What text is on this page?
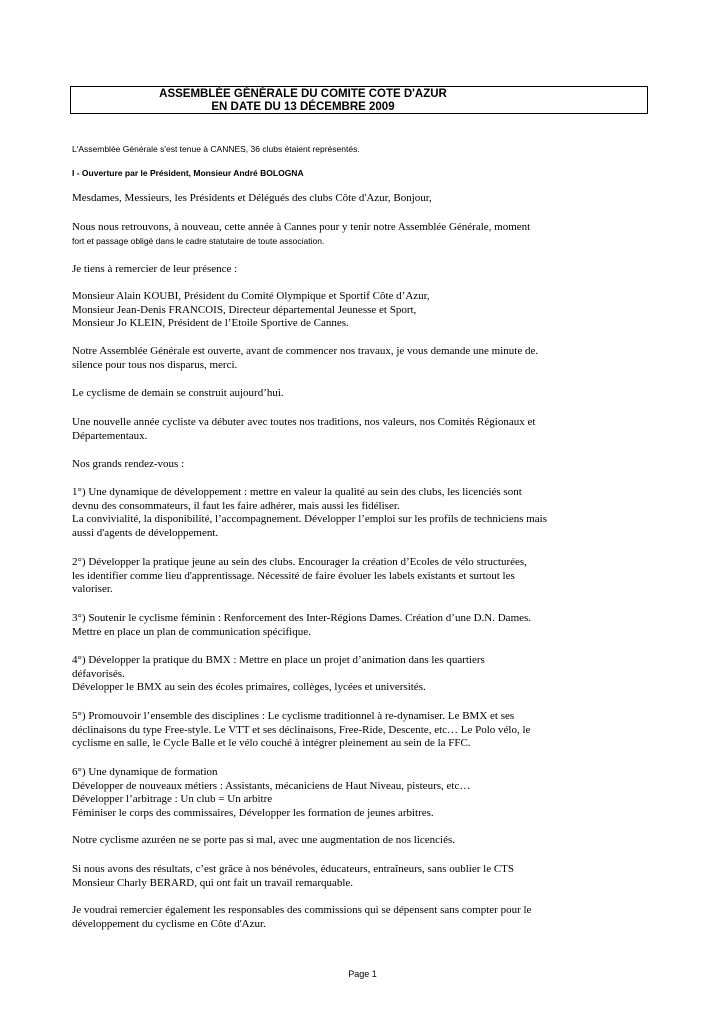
ASSEMBLÉE GÉNÉRALE DU COMITE COTE D'AZUR
EN DATE DU 13 DÉCEMBRE 2009

L'Assemblée Générale s'est tenue à CANNES, 36 clubs étaient représentés.

I - Ouverture par le Président, Monsieur André BOLOGNA

Mesdames, Messieurs, les Présidents et Délégués des clubs Côte d'Azur, Bonjour,

Nous nous retrouvons, à nouveau, cette année à Cannes pour y tenir notre Assemblée Générale, moment
fort et passage obligé dans le cadre statutaire de toute association.

Je tiens à remercier de leur présence :

Monsieur Alain KOUBI, Président du Comité Olympique et Sportif Côte d’Azur,
Monsieur Jean-Denis FRANCOIS, Directeur départemental Jeunesse et Sport,
Monsieur Jo KLEIN, Président de l’Etoile Sportive de Cannes.

Notre Assemblée Générale est ouverte, avant de commencer nos travaux, je vous demande une minute de.
silence pour tous nos disparus, merci.

Le cyclisme de demain se construit aujourd’hui.

Une nouvelle année cycliste va débuter avec toutes nos traditions, nos valeurs, nos Comités Régionaux et
Départementaux.

Nos grands rendez-vous :

1°) Une dynamique de développement : mettre en valeur la qualité au sein des clubs, les licenciés sont
devnu des consommateurs, il faut les faire adhérer, mais aussi les fidéliser.
La convivialité, la disponibilité, l’accompagnement. Développer l’emploi sur les profils de techniciens mais
aussi d'agents de développement.

2°) Développer la pratique jeune au sein des clubs. Encourager la création d’Ecoles de vélo structurées,
les identifier comme lieu d'apprentissage. Nécessité de faire évoluer les labels existants et surtout les
valoriser.

3°) Soutenir le cyclisme féminin : Renforcement des Inter-Régions Dames. Création d’une D.N. Dames.
Mettre en place un plan de communication spécifique.

4°) Développer la pratique du BMX : Mettre en place un projet d’animation dans les quartiers
défavorisés.
Développer le BMX au sein des écoles primaires, collèges, lycées et universités.

5°) Promouvoir l’ensemble des disciplines : Le cyclisme traditionnel à re-dynamiser. Le BMX et ses
déclinaisons du type Free-style. Le VTT et ses déclinaisons, Free-Ride, Descente, etc… Le Polo vélo, le
cyclisme en salle, le Cycle Balle et le vélo couché à intégrer pleinement au sein de la FFC.

6°) Une dynamique de formation
Développer de nouveaux métiers : Assistants, mécaniciens de Haut Niveau, pisteurs, etc…
Développer l’arbitrage : Un club = Un arbitre
Féminiser le corps des commissaires, Développer les formation de jeunes arbitres.

Notre cyclisme azuréen ne se porte pas si mal, avec une augmentation de nos licenciés.

Si nous avons des résultats, c’est grâce à nos bénévoles, éducateurs, entraîneurs, sans oublier le CTS
Monsieur Charly BERARD, qui ont fait un travail remarquable.

Je voudrai remercier également les responsables des commissions qui se dépensent sans compter pour le
développement du cyclisme en Côte d'Azur.

Page 1
